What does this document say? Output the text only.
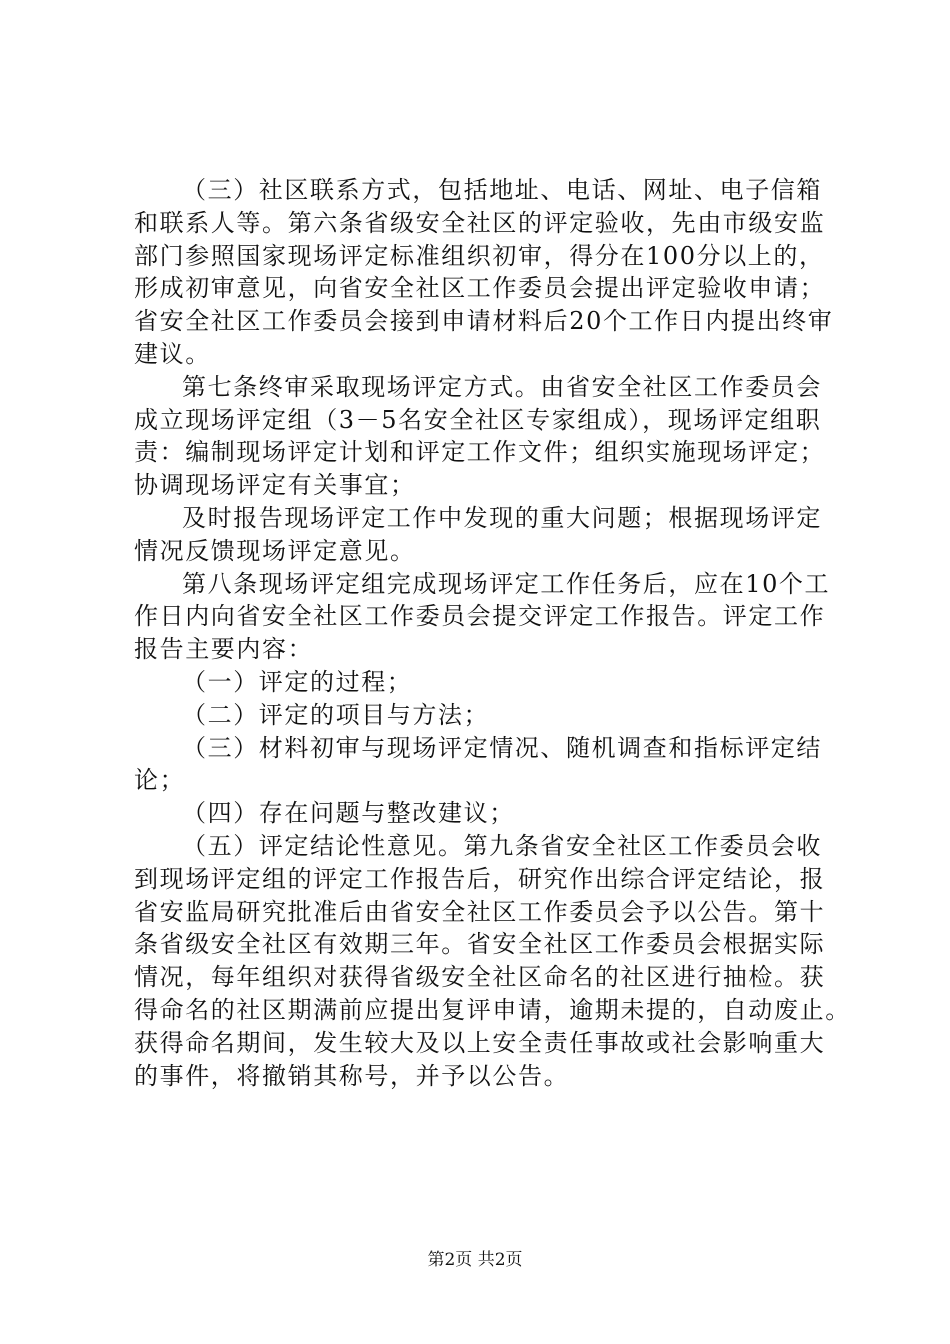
（三）社区联系方式，包括地址、电话、网址、电子信箱
和联系人等。第六条省级安全社区的评定验收，先由市级安监
部门参照国家现场评定标准组织初审，得分在100分以上的，
形成初审意见，向省安全社区工作委员会提出评定验收申请；
省安全社区工作委员会接到申请材料后20个工作日内提出终审
建议。
第七条终审采取现场评定方式。由省安全社区工作委员会
成立现场评定组（3－5名安全社区专家组成），现场评定组职
责：编制现场评定计划和评定工作文件；组织实施现场评定；
协调现场评定有关事宜；
及时报告现场评定工作中发现的重大问题；根据现场评定
情况反馈现场评定意见。
第八条现场评定组完成现场评定工作任务后，应在10个工
作日内向省安全社区工作委员会提交评定工作报告。评定工作
报告主要内容：
（一）评定的过程；
（二）评定的项目与方法；
（三）材料初审与现场评定情况、随机调查和指标评定结
论；
（四）存在问题与整改建议；
（五）评定结论性意见。第九条省安全社区工作委员会收
到现场评定组的评定工作报告后，研究作出综合评定结论，报
省安监局研究批准后由省安全社区工作委员会予以公告。第十
条省级安全社区有效期三年。省安全社区工作委员会根据实际
情况，每年组织对获得省级安全社区命名的社区进行抽检。获
得命名的社区期满前应提出复评申请，逾期未提的，自动废止。
获得命名期间，发生较大及以上安全责任事故或社会影响重大
的事件，将撤销其称号，并予以公告。
第2页 共2页
